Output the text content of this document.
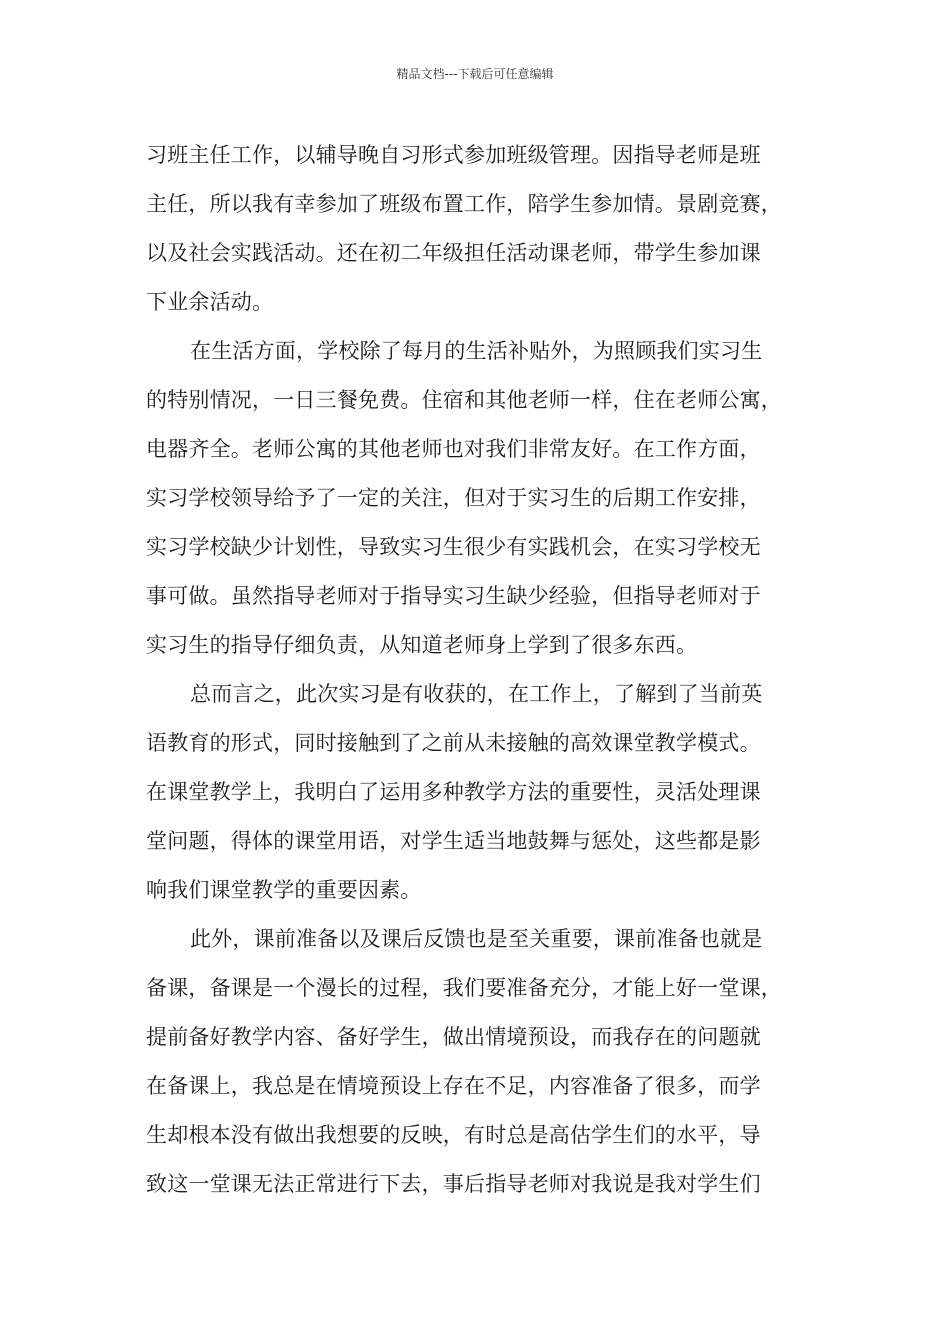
精品文档---下载后可任意编辑
习班主任工作，以辅导晚自习形式参加班级管理。因指导老师是班
主任，所以我有幸参加了班级布置工作，陪学生参加情。景剧竞赛，
以及社会实践活动。还在初二年级担任活动课老师，带学生参加课
下业余活动。
在生活方面，学校除了每月的生活补贴外，为照顾我们实习生
的特别情况，一日三餐免费。住宿和其他老师一样，住在老师公寓，
电器齐全。老师公寓的其他老师也对我们非常友好。在工作方面，
实习学校领导给予了一定的关注，但对于实习生的后期工作安排，
实习学校缺少计划性，导致实习生很少有实践机会，在实习学校无
事可做。虽然指导老师对于指导实习生缺少经验，但指导老师对于
实习生的指导仔细负责，从知道老师身上学到了很多东西。
总而言之，此次实习是有收获的，在工作上，了解到了当前英
语教育的形式，同时接触到了之前从未接触的高效课堂教学模式。
在课堂教学上，我明白了运用多种教学方法的重要性，灵活处理课
堂问题，得体的课堂用语，对学生适当地鼓舞与惩处，这些都是影
响我们课堂教学的重要因素。
此外，课前准备以及课后反馈也是至关重要，课前准备也就是
备课，备课是一个漫长的过程，我们要准备充分，才能上好一堂课，
提前备好教学内容、备好学生，做出情境预设，而我存在的问题就
在备课上，我总是在情境预设上存在不足，内容准备了很多，而学
生却根本没有做出我想要的反映，有时总是高估学生们的水平，导
致这一堂课无法正常进行下去，事后指导老师对我说是我对学生们
